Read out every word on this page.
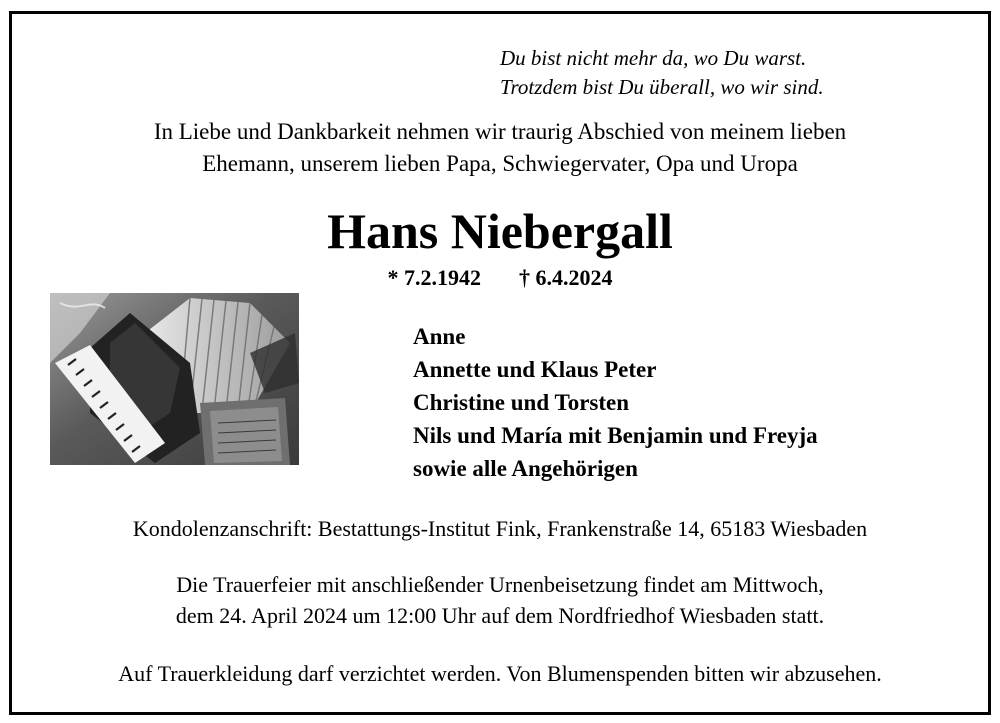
Du bist nicht mehr da, wo Du warst.
Trotzdem bist Du überall, wo wir sind.
In Liebe und Dankbarkeit nehmen wir traurig Abschied von meinem lieben
Ehemann, unserem lieben Papa, Schwiegervater, Opa und Uropa
Hans Niebergall
* 7.2.1942 † 6.4.2024
Anne
Annette und Klaus Peter
Christine und Torsten
Nils und María mit Benjamin und Freyja
sowie alle Angehörigen
Kondolenzanschrift: Bestattungs-Institut Fink, Frankenstraße 14, 65183 Wiesbaden
Die Trauerfeier mit anschließender Urnenbeisetzung findet am Mittwoch,
dem 24. April 2024 um 12:00 Uhr auf dem Nordfriedhof Wiesbaden statt.
Auf Trauerkleidung darf verzichtet werden. Von Blumenspenden bitten wir abzusehen.
